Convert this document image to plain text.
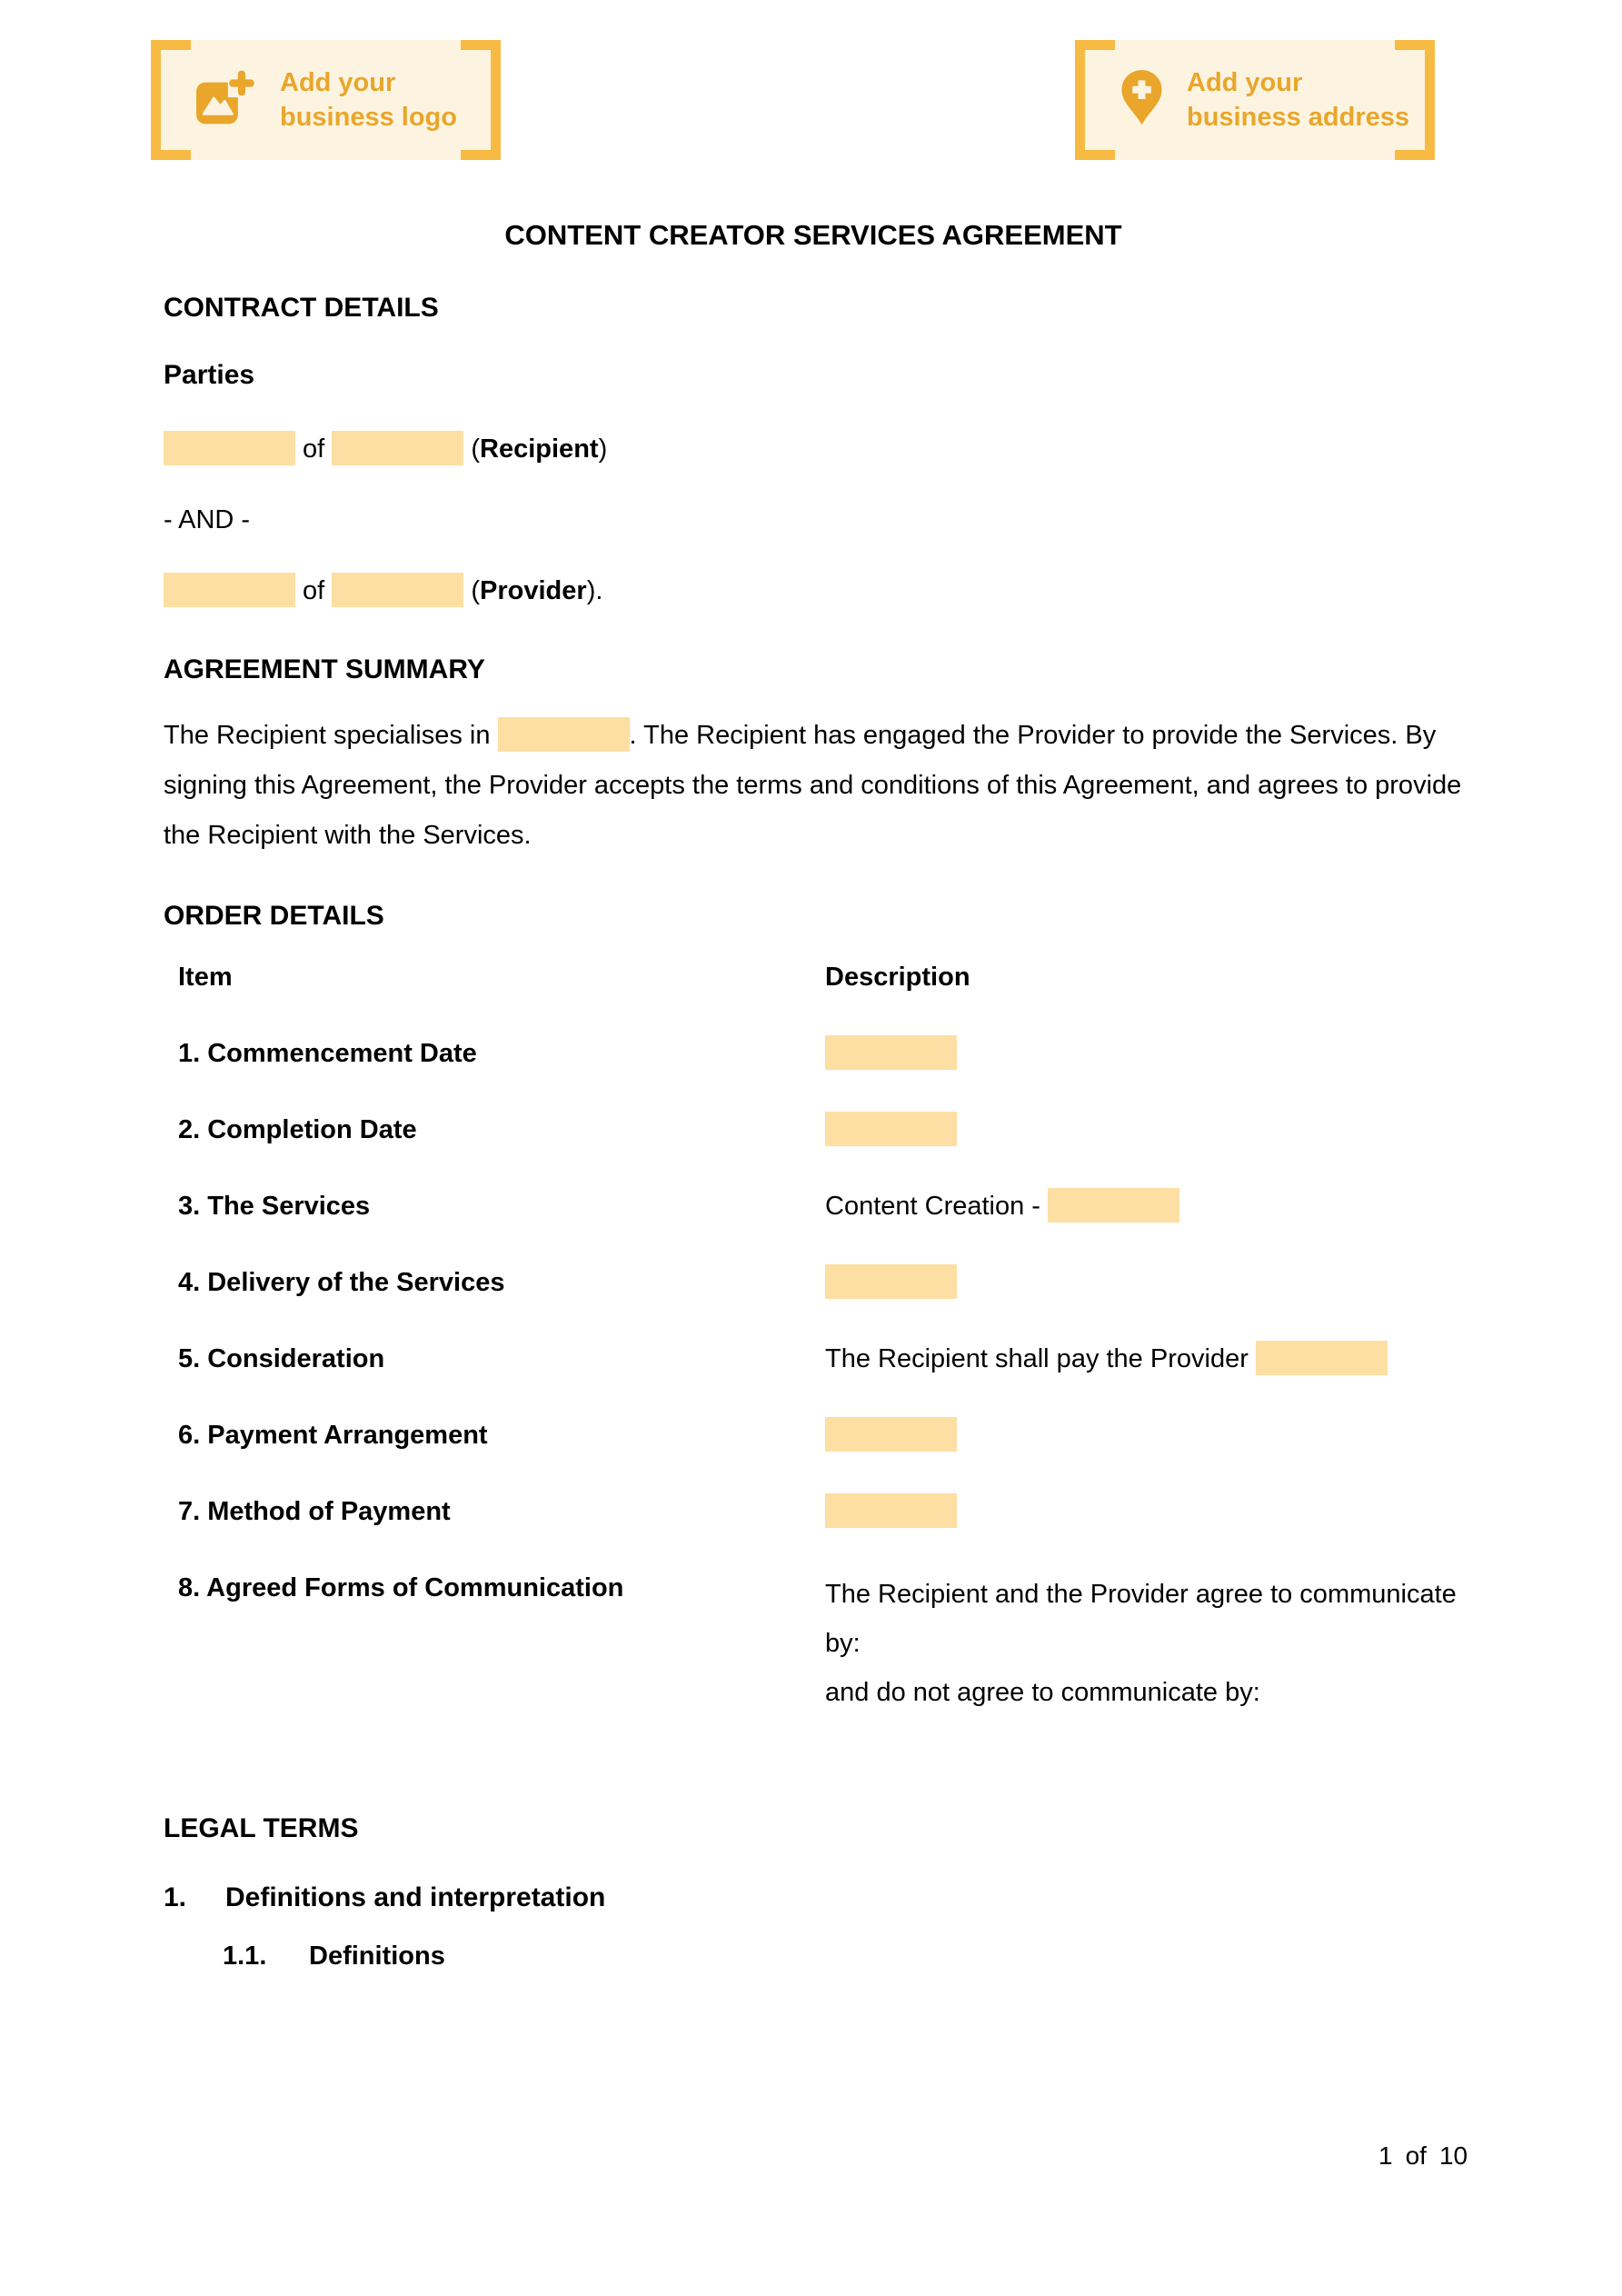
Add your
business logo
Add your
business address
CONTENT CREATOR SERVICES AGREEMENT
CONTRACT DETAILS
Parties

of	(Recipient)

- AND -

of	(Provider).

AGREEMENT SUMMARY

The Recipient specialises in	. The Recipient has engaged the Provider to provide the Services. By signing this Agreement, the Provider accepts the terms and conditions of this Agreement, and agrees to provide the Recipient with the Services.

ORDER DETAILS
Item	Description
1. Commencement Date
2. Completion Date
3. The Services	Content Creation -
4. Delivery of the Services
5. Consideration	The Recipient shall pay the Provider
6. Payment Arrangement
7. Method of Payment
8. Agreed Forms of Communication	The Recipient and the Provider agree to communicate by:
and do not agree to communicate by:
LEGAL TERMS
1.	Definitions and interpretation
1.1.	Definitions
1 of 10
